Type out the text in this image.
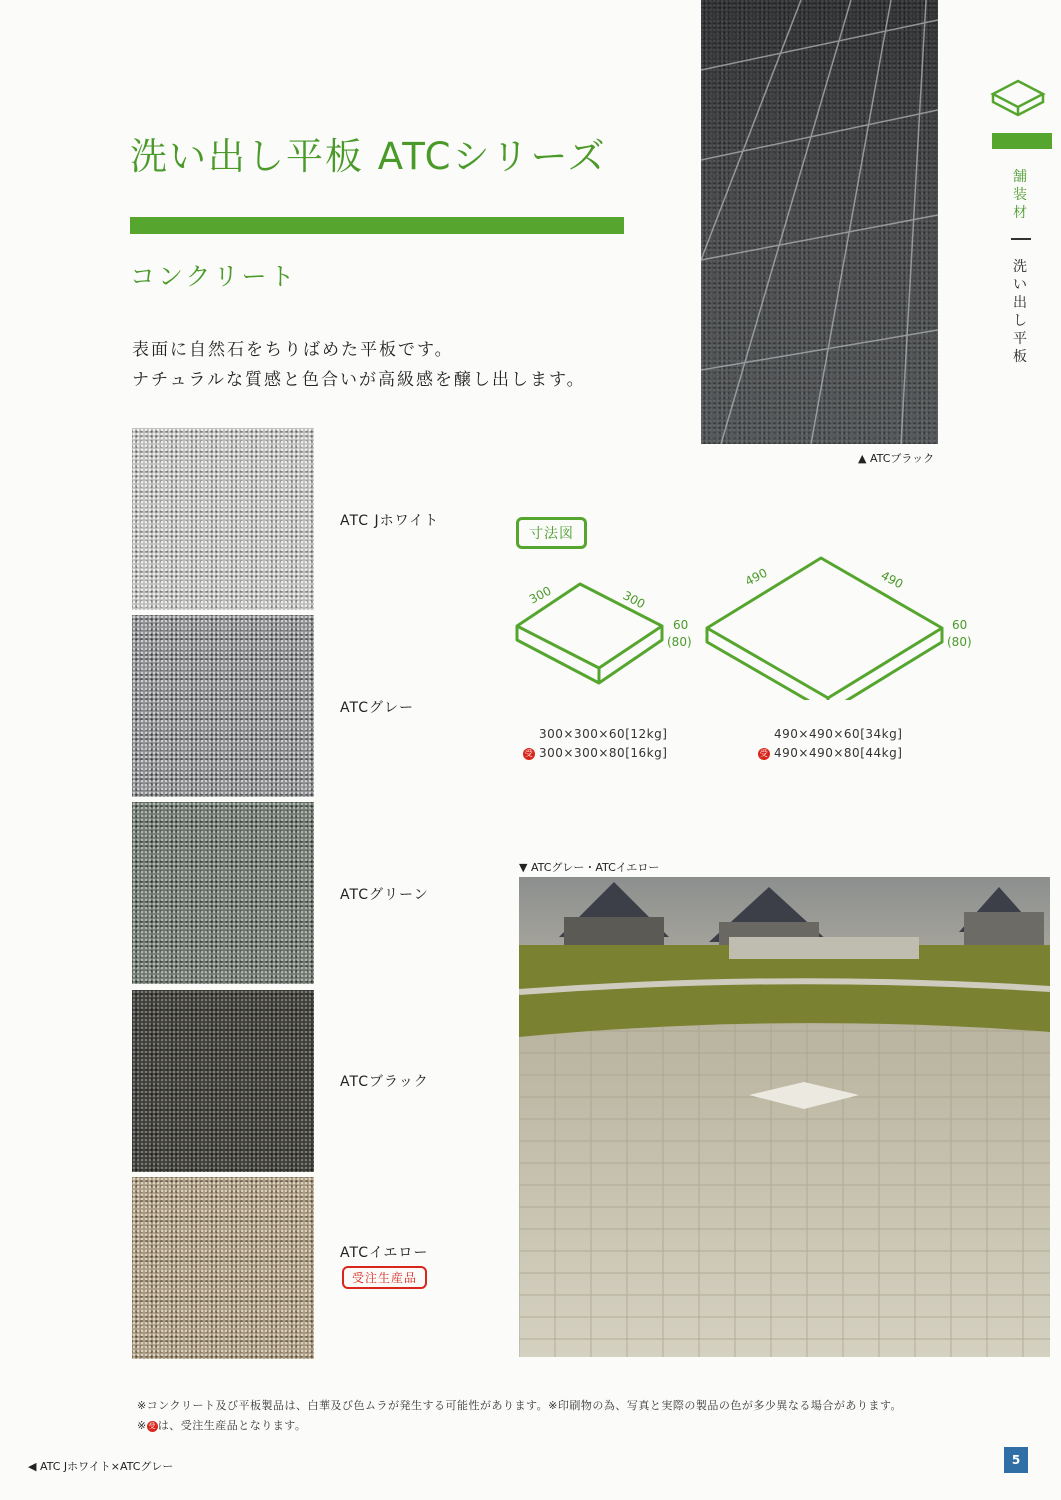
洗い出し平板 ATCシリーズ
コンクリート
表面に自然石をちりばめた平板です。
ナチュラルな質感と色合いが高級感を醸し出します。
▲ ATCブラック
舗
装
材
洗
い
出
し
平
板
ATC Jホワイト
ATCグレー
ATCグリーン
ATCブラック
ATCイエロー
受注生産品
寸法図
300	300
60
(80)
490	490
60
(80)
300×300×60[12kg]
受 300×300×80[16kg]
490×490×60[34kg]
受 490×490×80[44kg]
▼ ATCグレー・ATCイエロー
※コンクリート及び平板製品は、白華及び色ムラが発生する可能性があります。※印刷物の為、写真と実際の製品の色が多少異なる場合があります。
※ 受 は、受注生産品となります。
◀ ATC Jホワイト×ATCグレー	5
